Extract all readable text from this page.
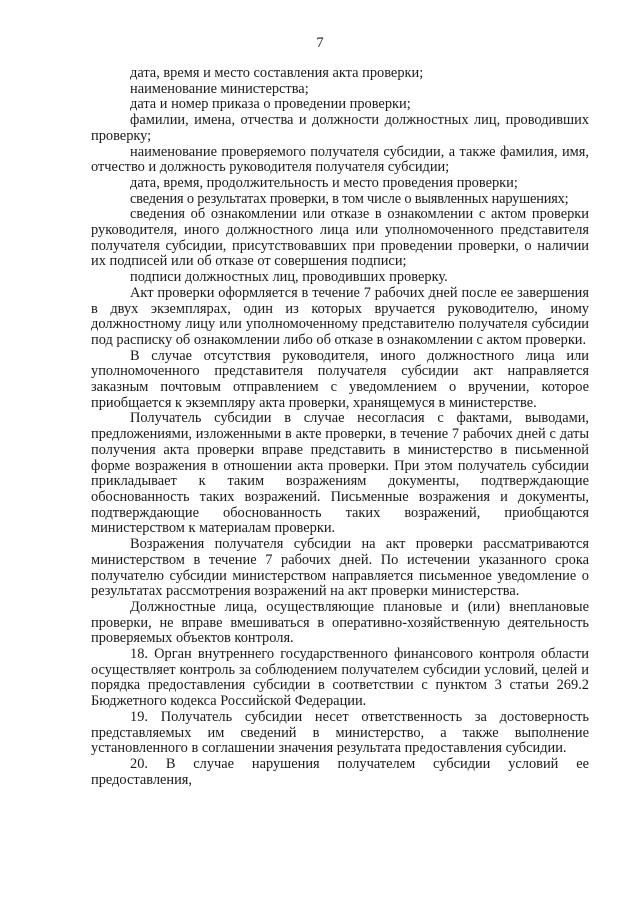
7

дата, время и место составления акта проверки;

наименование министерства;

дата и номер приказа о проведении проверки;

фамилии, имена, отчества и должности должностных лиц, проводивших проверку;

наименование проверяемого получателя субсидии, а также фамилия, имя, отчество и должность руководителя получателя субсидии;

дата, время, продолжительность и место проведения проверки;

сведения о результатах проверки, в том числе о выявленных нарушениях;

сведения об ознакомлении или отказе в ознакомлении с актом проверки руководителя, иного должностного лица или уполномоченного представителя получателя субсидии, присутствовавших при проведении проверки, о наличии их подписей или об отказе от совершения подписи;

подписи должностных лиц, проводивших проверку.

Акт проверки оформляется в течение 7 рабочих дней после ее завершения в двух экземплярах, один из которых вручается руководителю, иному должностному лицу или уполномоченному представителю получателя субсидии под расписку об ознакомлении либо об отказе в ознакомлении с актом проверки.

В случае отсутствия руководителя, иного должностного лица или уполномоченного представителя получателя субсидии акт направляется заказным почтовым отправлением с уведомлением о вручении, которое приобщается к экземпляру акта проверки, хранящемуся в министерстве.

Получатель субсидии в случае несогласия с фактами, выводами, предложениями, изложенными в акте проверки, в течение 7 рабочих дней с даты получения акта проверки вправе представить в министерство в письменной форме возражения в отношении акта проверки. При этом получатель субсидии прикладывает к таким возражениям документы, подтверждающие обоснованность таких возражений. Письменные возражения и документы, подтверждающие обоснованность таких возражений, приобщаются министерством к материалам проверки.

Возражения получателя субсидии на акт проверки рассматриваются министерством в течение 7 рабочих дней. По истечении указанного срока получателю субсидии министерством направляется письменное уведомление о результатах рассмотрения возражений на акт проверки министерства.

Должностные лица, осуществляющие плановые и (или) внеплановые проверки, не вправе вмешиваться в оперативно-хозяйственную деятельность проверяемых объектов контроля.

18. Орган внутреннего государственного финансового контроля области осуществляет контроль за соблюдением получателем субсидии условий, целей и порядка предоставления субсидии в соответствии с пунктом 3 статьи 269.2 Бюджетного кодекса Российской Федерации.

19. Получатель субсидии несет ответственность за достоверность представляемых им сведений в министерство, а также выполнение установленного в соглашении значения результата предоставления субсидии.

20. В случае нарушения получателем субсидии условий ее предоставления,
